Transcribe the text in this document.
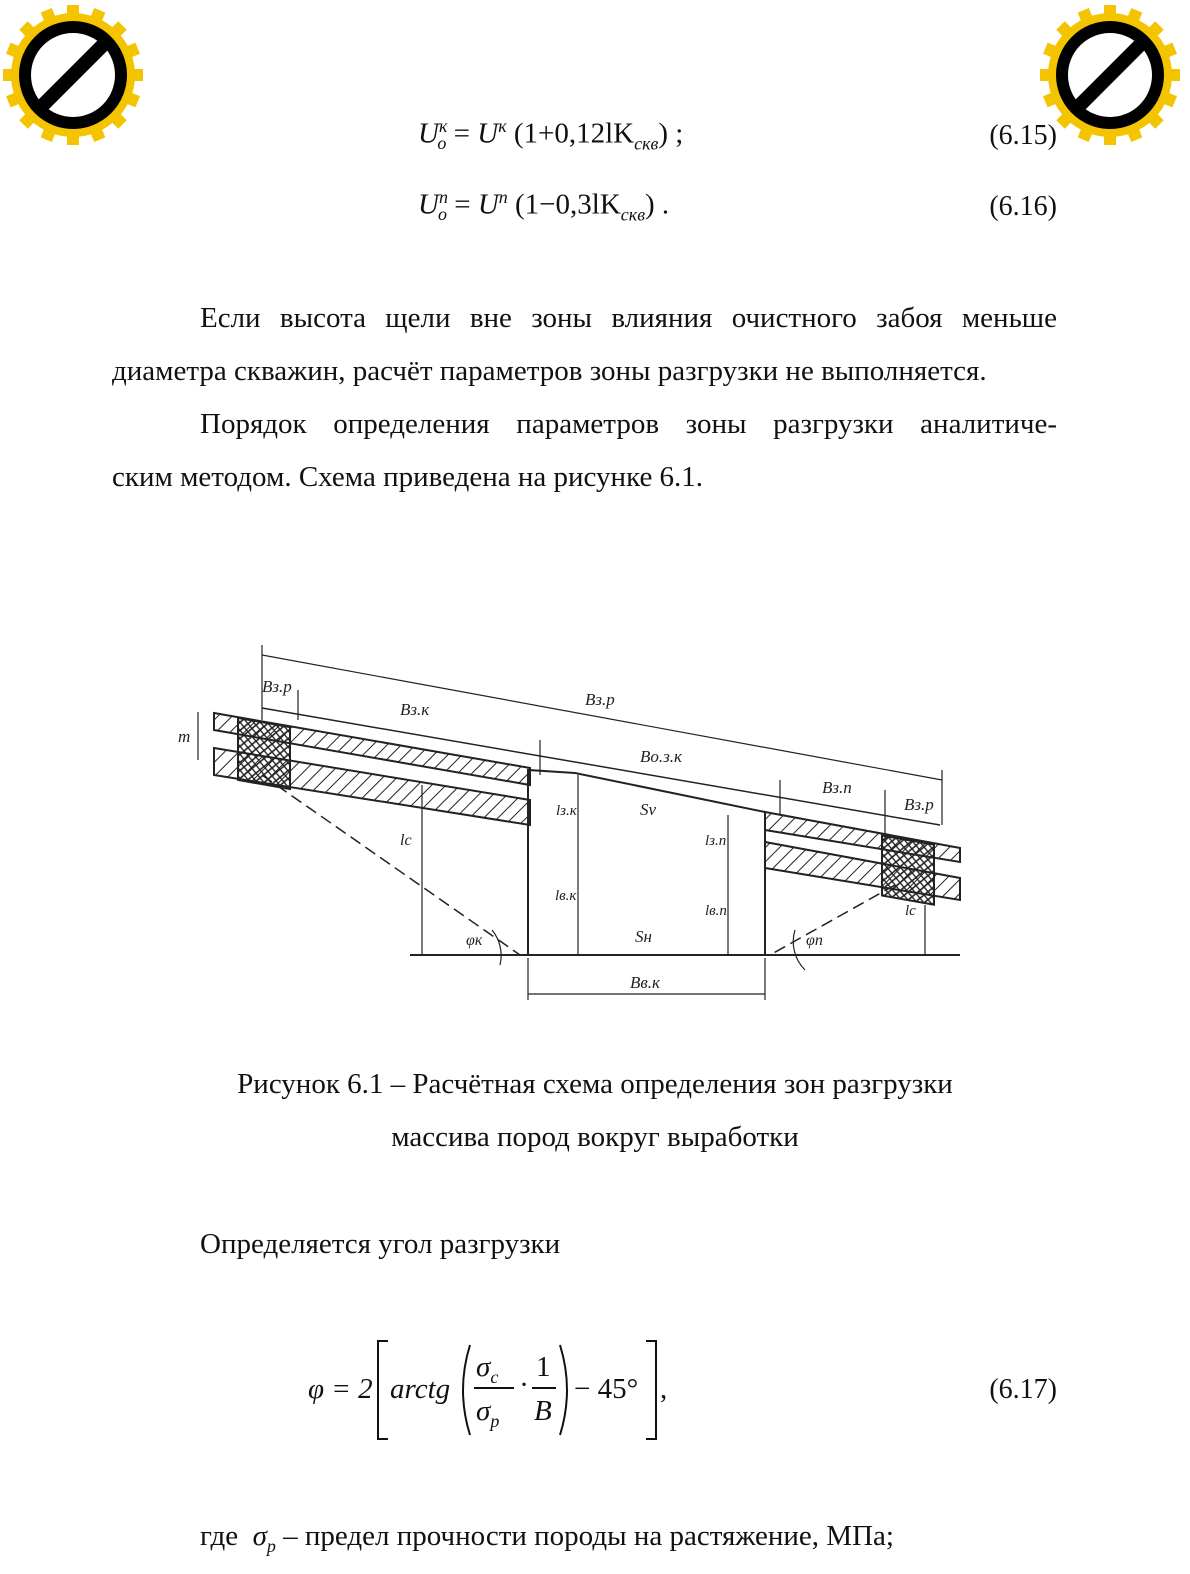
$U^к_o = U^к$ $(1+0,12lK_{скв})$ ;	(6.15)
$U^n_o = U^n$ $(1-0,3lK_{скв})$ .	(6.16)
Если высота щели вне зоны влияния очистного забоя меньше
диаметра скважин, расчёт параметров зоны разгрузки не выполняется.
Порядок определения параметров зоны разгрузки аналитиче-
ским методом. Схема приведена на рисунке 6.1.
Bз.р
Bз.к
Bз.р
Bо.з.к
Bз.п
Bз.р
m
lз.к
lс
Sv
lв.к
lз.п
lв.п
Sн
lс
φк	φп
Bв.к
Рисунок 6.1 – Расчётная схема определения зон разгрузки
массива пород вокруг выработки
Определяется угол разгрузки
φ = 2 arctg
$\sigma_с$
$\sigma_p$
·
1
B
− 45° ,	(6.17)
где $\sigma_p$ – предел прочности породы на растяжение, МПа;
